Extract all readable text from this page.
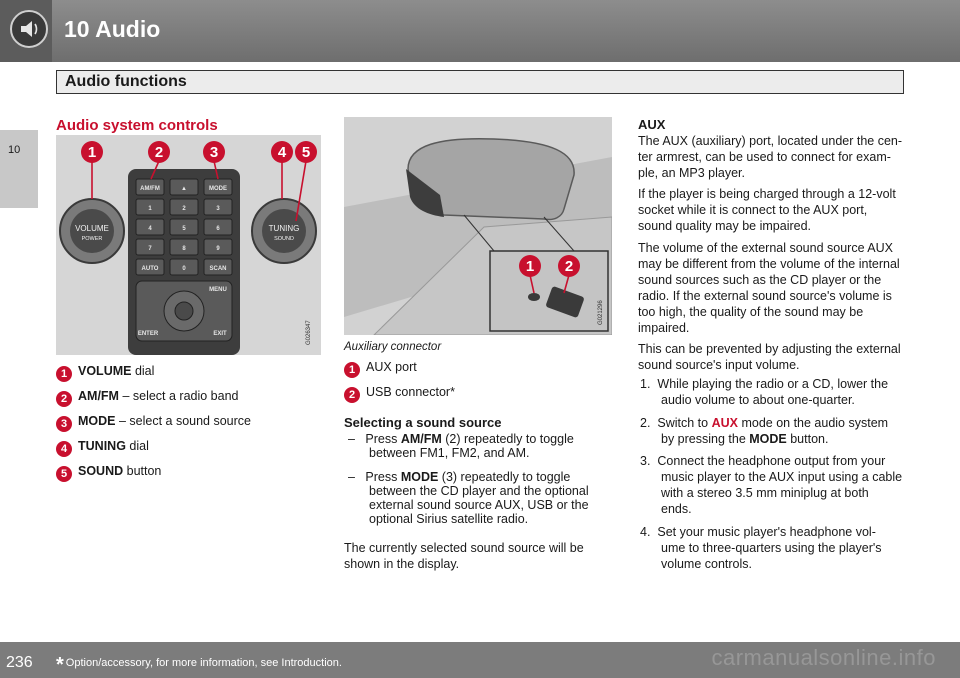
10 Audio
Audio functions
10
Audio system controls
AM/FM	▲	MODE
1	2	3
4	5	6
7	8	9
AUTO	0	SCAN
MENU
ENTER	EXIT
VOLUME
POWER
TUNING
SOUND
1	2	3	4 5
G026347
1 VOLUME dial
2 AM/FM – select a radio band
3 MODE – select a sound source
4 TUNING dial
5 SOUND button
1 2
G021296
Auxiliary connector
1 AUX port
2 USB connector*
Selecting a sound source
–   Press AM/FM (2) repeatedly to toggle
between FM1, FM2, and AM.
–   Press MODE (3) repeatedly to toggle
between the CD player and the optional
external sound source AUX, USB or the
optional Sirius satellite radio.
The currently selected sound source will be
shown in the display.
AUX
The AUX (auxiliary) port, located under the cen-
ter armrest, can be used to connect for exam-
ple, an MP3 player.
If the player is being charged through a 12-volt
socket while it is connect to the AUX port,
sound quality may be impaired.
The volume of the external sound source AUX
may be different from the volume of the internal
sound sources such as the CD player or the
radio. If the external sound source's volume is
too high, the quality of the sound may be
impaired.
This can be prevented by adjusting the external
sound source's input volume.
1. While playing the radio or a CD, lower the
audio volume to about one-quarter.
2. Switch to AUX mode on the audio system
by pressing the MODE button.
3. Connect the headphone output from your
music player to the AUX input using a cable
with a stereo 3.5 mm miniplug at both
ends.
4. Set your music player's headphone vol-
ume to three-quarters using the player's
volume controls.
236 * Option/accessory, for more information, see Introduction.	carmanualsonline.info
